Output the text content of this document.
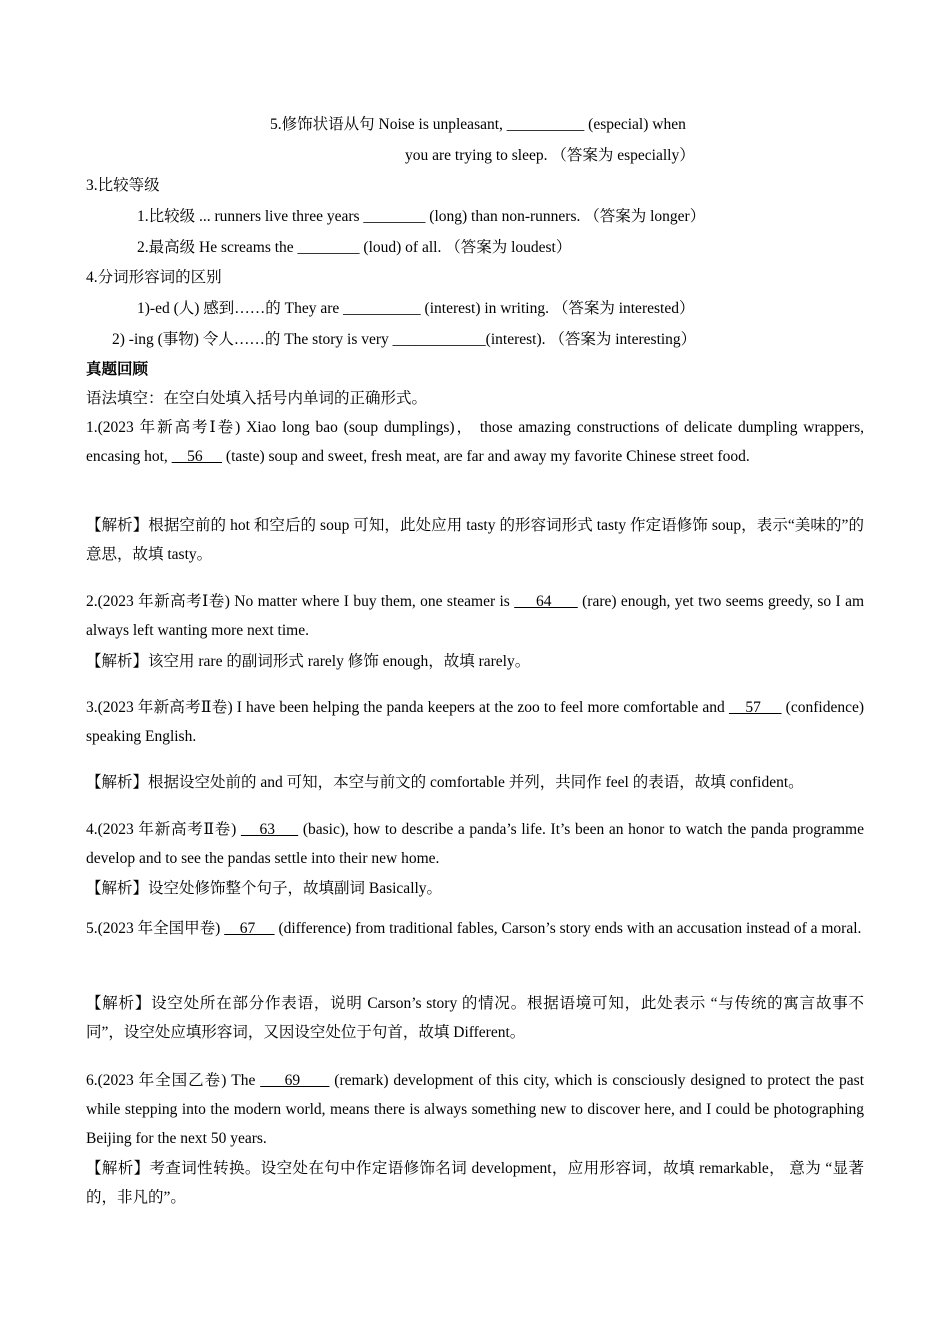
5.修饰状语从句 Noise is unpleasant, __________ (especial) when
you are trying to sleep. （答案为 especially）
3.比较等级
1.比较级 ... runners live three years ________ (long) than non-runners. （答案为 longer）
2.最高级 He screams the ________ (loud) of all. （答案为 loudest）
4.分词形容词的区别
1)-ed (人) 感到……的 They are __________ (interest) in writing. （答案为 interested）
2) -ing (事物) 令人……的 The story is very ____________(interest). （答案为 interesting）
真题回顾
语法填空：在空白处填入括号内单词的正确形式。
1.(2023 年新高考Ⅰ卷) Xiao long bao (soup dumplings)， those amazing constructions of delicate dumpling wrappers, encasing hot,     56      (taste) soup and sweet, fresh meat, are far and away my favorite Chinese street food.
【解析】根据空前的 hot 和空后的 soup 可知，此处应用 tasty 的形容词形式 tasty 作定语修饰 soup，表示“美味的”的意思，故填 tasty。
2.(2023 年新高考Ⅰ卷) No matter where I buy them, one steamer is      64       (rare) enough, yet two seems greedy, so I am always left wanting more next time.
【解析】该空用 rare 的副词形式 rarely 修饰 enough，故填 rarely。
3.(2023 年新高考Ⅱ卷) I have been helping the panda keepers at the zoo to feel more comfortable and     57      (confidence) speaking English.
【解析】根据设空处前的 and 可知，本空与前文的 comfortable 并列，共同作 feel 的表语，故填 confident。
4.(2023 年新高考Ⅱ卷)     63      (basic), how to describe a panda’s life. It’s been an honor to watch the panda programme develop and to see the pandas settle into their new home.
【解析】设空处修饰整个句子，故填副词 Basically。
5.(2023 年全国甲卷)     67      (difference) from traditional fables, Carson’s story ends with an accusation instead of a moral.
【解析】设空处所在部分作表语，说明 Carson’s story 的情况。根据语境可知，此处表示 “与传统的寓言故事不同”，设空处应填形容词，又因设空处位于句首，故填 Different。
6.(2023 年全国乙卷) The      69       (remark) development of this city, which is consciously designed to protect the past while stepping into the modern world, means there is always something new to discover here, and I could be photographing Beijing for the next 50 years.
【解析】考查词性转换。设空处在句中作定语修饰名词 development，应用形容词，故填 remarkable， 意为 “显著的，非凡的”。
